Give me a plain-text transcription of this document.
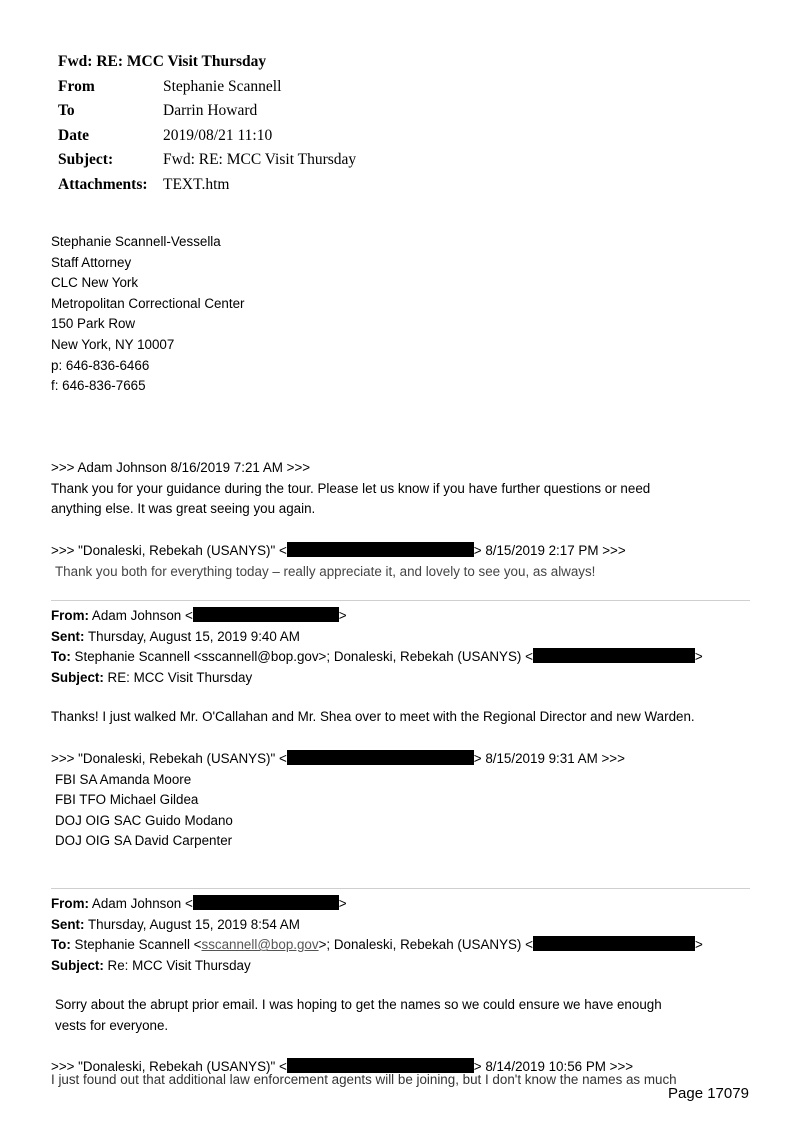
Fwd: RE: MCC Visit Thursday
From	Stephanie Scannell
To	Darrin Howard
Date	2019/08/21 11:10
Subject:	Fwd: RE: MCC Visit Thursday
Attachments: TEXT.htm
Stephanie Scannell-Vessella
Staff Attorney
CLC New York
Metropolitan Correctional Center
150 Park Row
New York, NY 10007
p: 646-836-6466
f: 646-836-7665
>>> Adam Johnson 8/16/2019 7:21 AM >>>
Thank you for your guidance during the tour. Please let us know if you have further questions or need
anything else. It was great seeing you again.
>>> "Donaleski, Rebekah (USANYS)" <	> 8/15/2019 2:17 PM >>>
Thank you both for everything today – really appreciate it, and lovely to see you, as always!
From: Adam Johnson <	>
Sent: Thursday, August 15, 2019 9:40 AM
To: Stephanie Scannell <sscannell@bop.gov>; Donaleski, Rebekah (USANYS) <	>
Subject: RE: MCC Visit Thursday
Thanks! I just walked Mr. O'Callahan and Mr. Shea over to meet with the Regional Director and new Warden.
>>> "Donaleski, Rebekah (USANYS)" <	> 8/15/2019 9:31 AM >>>
FBI SA Amanda Moore
FBI TFO Michael Gildea
DOJ OIG SAC Guido Modano
DOJ OIG SA David Carpenter
From: Adam Johnson <	>
Sent: Thursday, August 15, 2019 8:54 AM
To: Stephanie Scannell <sscannell@bop.gov>; Donaleski, Rebekah (USANYS) <	>
Subject: Re: MCC Visit Thursday
Sorry about the abrupt prior email. I was hoping to get the names so we could ensure we have enough
vests for everyone.
>>> "Donaleski, Rebekah (USANYS)" <	> 8/14/2019 10:56 PM >>>
I just found out that additional law enforcement agents will be joining, but I don't know the names as much
Page 17079
